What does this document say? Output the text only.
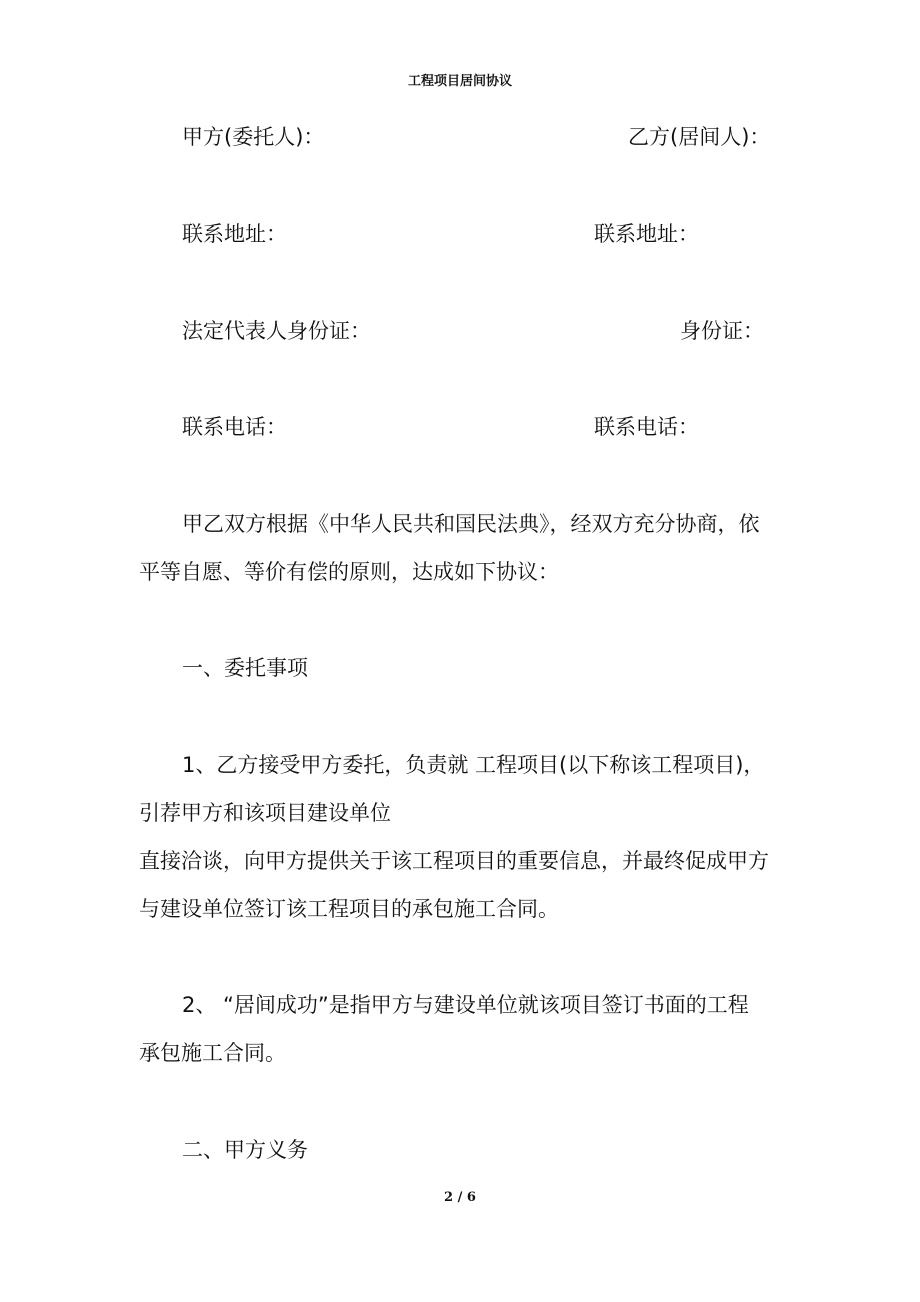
工程项目居间协议
甲方(委托人)：	乙方(居间人)：
联系地址：	联系地址：
法定代表人身份证：	身份证：
联系电话：	联系电话：
甲乙双方根据《中华人民共和国民法典》，经双方充分协商，依
平等自愿、等价有偿的原则，达成如下协议：
一、委托事项
1、乙方接受甲方委托，负责就 工程项目(以下称该工程项目)，
引荐甲方和该项目建设单位
直接洽谈，向甲方提供关于该工程项目的重要信息，并最终促成甲方
与建设单位签订该工程项目的承包施工合同。
2、 “居间成功”是指甲方与建设单位就该项目签订书面的工程
承包施工合同。
二、甲方义务
2 / 6
